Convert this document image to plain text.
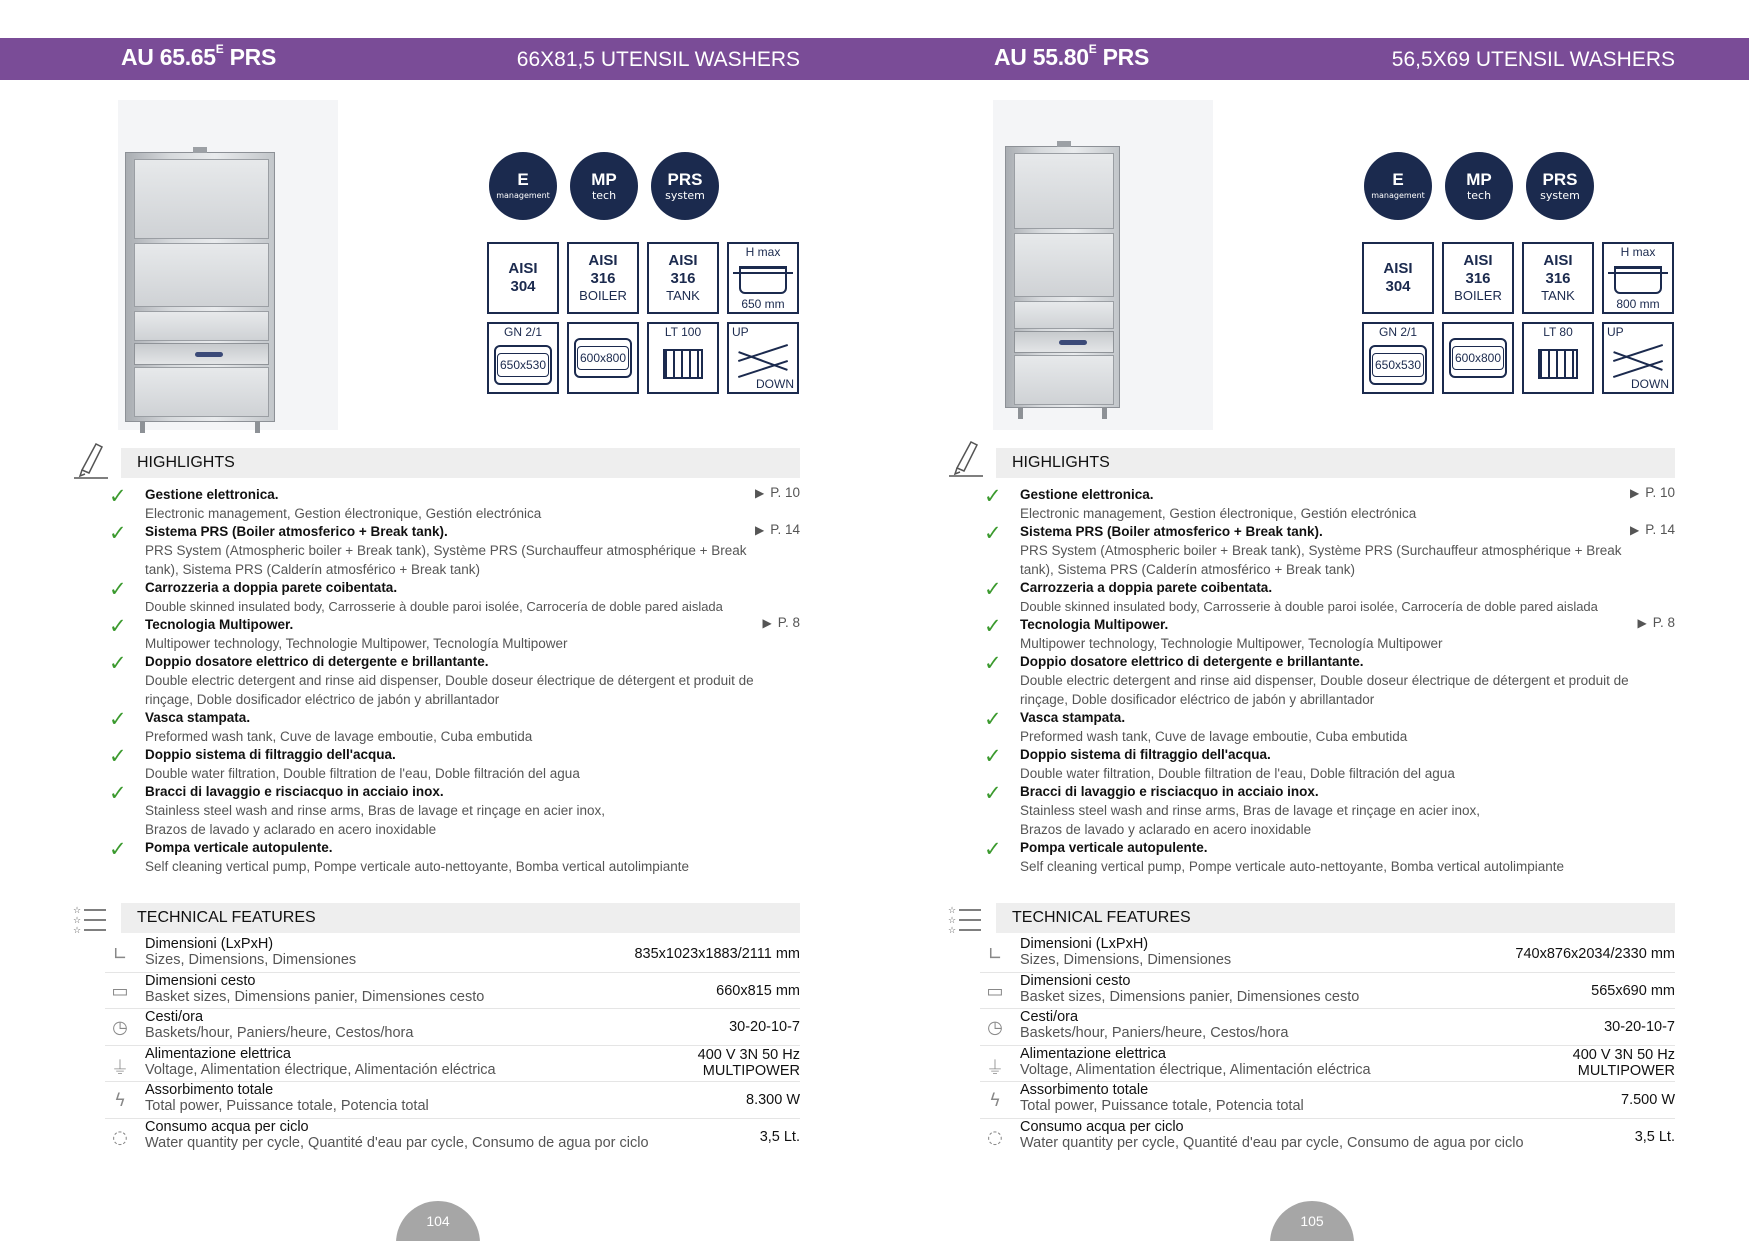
AU $65.65^E$ PRS	66X81,5 UTENSIL WASHERS
E
management
MP
tech
PRS
system
AISI
304
AISI
316
BOILER
AISI
316
TANK
H max
650 mm
GN 2/1
650x530	600x800
LT 100	UP
DOWN
HIGHLIGHTS
✓ Gestione elettronica.
Electronic management, Gestion électronique, Gestión electrónica
▶ P. 10
✓ Sistema PRS (Boiler atmosferico + Break tank).
PRS System (Atmospheric boiler + Break tank), Système PRS (Surchauffeur atmosphérique + Break tank), Sistema PRS (Calderín atmosférico + Break tank)
▶ P. 14
✓ Carrozzeria a doppia parete coibentata.
Double skinned insulated body, Carrosserie à double paroi isolée, Carrocería de doble pared aislada
✓ Tecnologia Multipower.
Multipower technology, Technologie Multipower, Tecnología Multipower
▶ P. 8
✓ Doppio dosatore elettrico di detergente e brillantante.
Double electric detergent and rinse aid dispenser, Double doseur électrique de détergent et produit de rinçage, Doble dosificador eléctrico de jabón y abrillantador
✓ Vasca stampata.
Preformed wash tank, Cuve de lavage emboutie, Cuba embutida
✓ Doppio sistema di filtraggio dell'acqua.
Double water filtration, Double filtration de l'eau, Doble filtración del agua
✓ Bracci di lavaggio e risciacquo in acciaio inox.
Stainless steel wash and rinse arms, Bras de lavage et rinçage en acier inox, Brazos de lavado y aclarado en acero inoxidable
✓ Pompa verticale autopulente.
Self cleaning vertical pump, Pompe verticale auto-nettoyante, Bomba vertical autolimpiante
☆
☆
☆
TECHNICAL FEATURES
∟	Dimensioni (LxPxH)
Sizes, Dimensions, Dimensiones	835x1023x1883/2111 mm
▭	Dimensioni cesto
Basket sizes, Dimensions panier, Dimensiones cesto	660x815 mm
◷	Cesti/ora
Baskets/hour, Paniers/heure, Cestos/hora	30-20-10-7
⏚
Alimentazione elettrica
Voltage, Alimentation électrique, Alimentación eléctrica
400 V 3N 50 Hz
MULTIPOWER
ϟ	Assorbimento totale
Total power, Puissance totale, Potencia total	8.300 W
◌	Consumo acqua per ciclo
Water quantity per cycle, Quantité d'eau par cycle, Consumo de agua por ciclo	3,5 Lt.
104
AU $55.80^E$ PRS	56,5X69 UTENSIL WASHERS
E
management
MP
tech
PRS
system
AISI
304
AISI
316
BOILER
AISI
316
TANK
H max
800 mm
GN 2/1
650x530	600x800
LT 80	UP
DOWN
HIGHLIGHTS
✓ Gestione elettronica.
Electronic management, Gestion électronique, Gestión electrónica
▶ P. 10
✓ Sistema PRS (Boiler atmosferico + Break tank).
PRS System (Atmospheric boiler + Break tank), Système PRS (Surchauffeur atmosphérique + Break tank), Sistema PRS (Calderín atmosférico + Break tank)
▶ P. 14
✓ Carrozzeria a doppia parete coibentata.
Double skinned insulated body, Carrosserie à double paroi isolée, Carrocería de doble pared aislada
✓ Tecnologia Multipower.
Multipower technology, Technologie Multipower, Tecnología Multipower
▶ P. 8
✓ Doppio dosatore elettrico di detergente e brillantante.
Double electric detergent and rinse aid dispenser, Double doseur électrique de détergent et produit de rinçage, Doble dosificador eléctrico de jabón y abrillantador
✓ Vasca stampata.
Preformed wash tank, Cuve de lavage emboutie, Cuba embutida
✓ Doppio sistema di filtraggio dell'acqua.
Double water filtration, Double filtration de l'eau, Doble filtración del agua
✓ Bracci di lavaggio e risciacquo in acciaio inox.
Stainless steel wash and rinse arms, Bras de lavage et rinçage en acier inox, Brazos de lavado y aclarado en acero inoxidable
✓ Pompa verticale autopulente.
Self cleaning vertical pump, Pompe verticale auto-nettoyante, Bomba vertical autolimpiante
☆
☆
☆
TECHNICAL FEATURES
∟	Dimensioni (LxPxH)
Sizes, Dimensions, Dimensiones	740x876x2034/2330 mm
▭	Dimensioni cesto
Basket sizes, Dimensions panier, Dimensiones cesto	565x690 mm
◷	Cesti/ora
Baskets/hour, Paniers/heure, Cestos/hora	30-20-10-7
⏚
Alimentazione elettrica
Voltage, Alimentation électrique, Alimentación eléctrica
400 V 3N 50 Hz
MULTIPOWER
ϟ	Assorbimento totale
Total power, Puissance totale, Potencia total	7.500 W
◌	Consumo acqua per ciclo
Water quantity per cycle, Quantité d'eau par cycle, Consumo de agua por ciclo	3,5 Lt.
105
